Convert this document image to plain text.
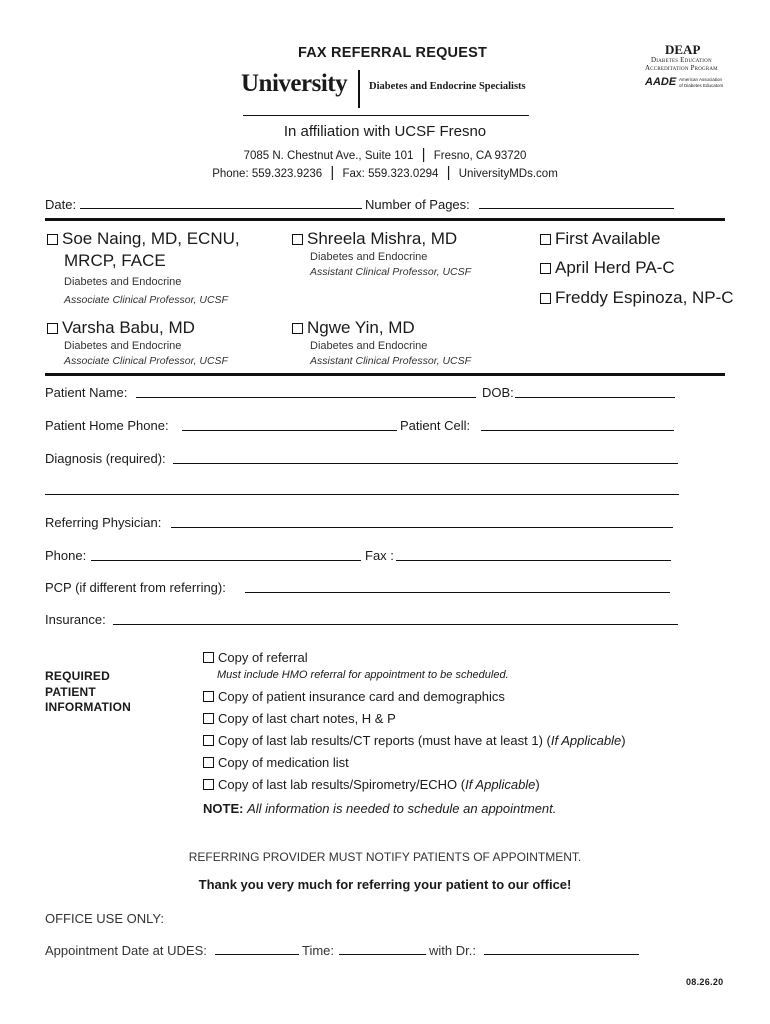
FAX REFERRAL REQUEST
University Diabetes and Endocrine Specialists
DEAP
Diabetes Education
Accreditation Program
AADE American Association
of Diabetes Educators
In affiliation with UCSF Fresno
7085 N. Chestnut Ave., Suite 101 | Fresno, CA 93720
Phone: 559.323.9236 | Fax: 559.323.0294 | UniversityMDs.com
Date:	Number of Pages:
Soe Naing, MD, ECNU,
MRCP, FACE
Diabetes and Endocrine
Associate Clinical Professor, UCSF
Shreela Mishra, MD
Diabetes and Endocrine
Assistant Clinical Professor, UCSF
Varsha Babu, MD
Diabetes and Endocrine
Associate Clinical Professor, UCSF
Ngwe Yin, MD
Diabetes and Endocrine
Assistant Clinical Professor, UCSF
First Available
April Herd PA-C
Freddy Espinoza, NP-C
Patient Name:	DOB:
Patient Home Phone:	Patient Cell:
Diagnosis (required):
Referring Physician:
Phone:	Fax :
PCP (if different from referring):
Insurance:
REQUIRED
PATIENT
INFORMATION
Copy of referral
Must include HMO referral for appointment to be scheduled.
Copy of patient insurance card and demographics
Copy of last chart notes, H & P
Copy of last lab results/CT reports (must have at least 1) (If Applicable)
Copy of medication list
Copy of last lab results/Spirometry/ECHO (If Applicable)
NOTE: All information is needed to schedule an appointment.
REFERRING PROVIDER MUST NOTIFY PATIENTS OF APPOINTMENT.
Thank you very much for referring your patient to our office!
OFFICE USE ONLY:
Appointment Date at UDES:	Time:	with Dr.:
08.26.20
